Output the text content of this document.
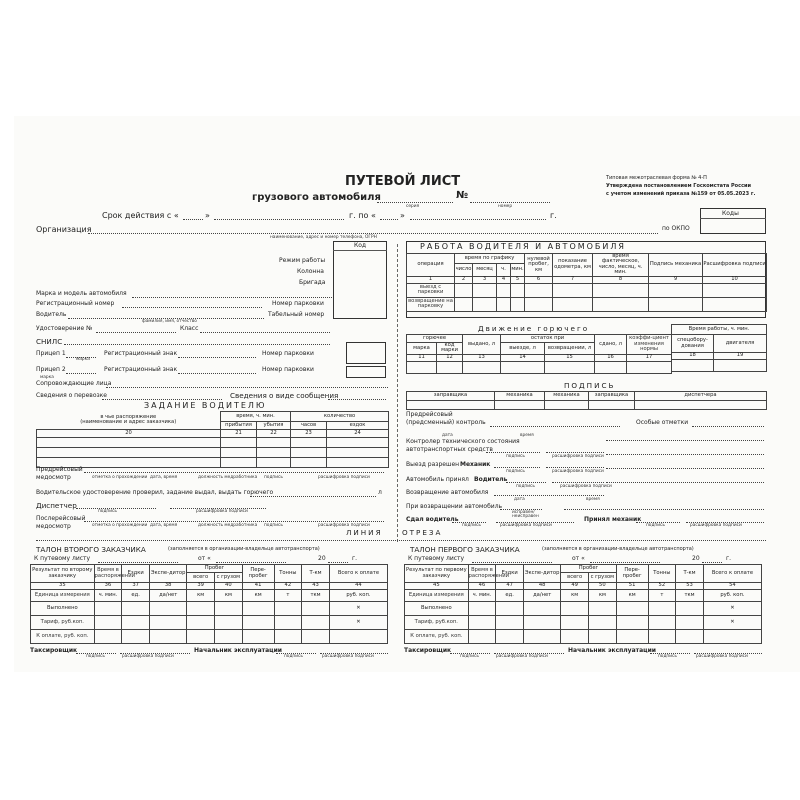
ПУТЕВОЙ ЛИСТ
грузового автомобиля	№
серия	номер
Срок действия с «	»	г. по «	»	г.
Типовая межотраслевая форма № 4-П
Утверждена постановлением Госкомстата России
с учетом изменений приказа №159 от 05.05.2023 г.
Коды
Организация
наименование, адрес и номер телефона, ОГРН
по ОКПО
Код
Режим работы
Колонна
Бригада
Марка и модель автомобиля
Регистрационный номер	Номер парковки
Водитель	Табельный номер
фамилия, имя, отчество
Удостоверение №	Класс
СНИЛС
Прицеп 1
марка
Регистрационный знак	Номер парковки
Прицеп 2
марка
Регистрационный знак	Номер парковки
Сопровождающие лица
Сведения о перевозке	Сведения о виде сообщения
ЗАДАНИЕ ВОДИТЕЛЮ
в чье распоряжение
(наименование и адрес заказчика)	время, ч. мин.		количество	
	прибытия	убытия	часов	ездок
20	21	22	23	24

Предрейсовый
медосмотр	отметка о прохождении дата, время	должность медработника подпись	расшифровка подписи
Водительское удостоверение проверил, задание выдал, выдать горючего	л
Диспетчер
подпись	расшифровка подписи
Послерейсовый
медосмотр	отметка о прохождении дата, время	должность медработника подпись	расшифровка подписи
ЛИНИЯ	ОТРЕЗА
РАБОТА ВОДИТЕЛЯ И АВТОМОБИЛЯ
операция	время по графику				нулевой пробег, км	показание одометра, км	время фактическое, число, месяц, ч. мин.	Подпись механика	Расшифровка подписи
	число	месяц	ч.	мин.					
1	2	3	4	5	6	7	8	9	10
выезд с парковки									
возвращение на парковку									
Движение горючего
горючее		выдано, л	остаток при		сдано, л	коэффи-циент изменения нормы
марка	код марки		выезде, л	возвращении, л		
11	12	13	14	15	16	17

Время работы, ч. мин.	
спецобору-дования	двигателя
18	19

ПОДПИСЬ
заправщика	механика	механика	заправщика	диспетчера

Предрейсовый
(предсменный) контроль
дата	время
Особые отметки
Контролер технического состояния
автотранспортных средств
подпись	расшифровка подписи
Выезд разрешен Механик
подпись	расшифровка подписи
Автомобиль принял Водитель
подпись	расшифровка подписи
Возвращение автомобиля
дата	время
При возвращении автомобиль
исправен/ неисправен
Сдал водитель
подпись	расшифровка подписи
Принял механик
подпись	расшифровка подписи
ТАЛОН ВТОРОГО ЗАКАЗЧИКА	(заполняется в организации-владельце автотранспорта)
К путевому листу	от «	20	г.
Результат по второму заказчику	Время в распоряжении	Ездки	Экспе-дитор	Пробег		Пере-пробег	Тонны	Т-км	Всего к оплате
				всего	с грузом				
35	36	37	38	39	40	41	42	43	44
Единица измерения	ч. мин.	ед.	да/нет	км	км	км	т	ткм	руб. коп.
Выполнено									✕
Тариф, руб.коп.									✕
К оплате, руб. коп.									
Таксировщик
подпись	расшифровка подписи
Начальник эксплуатации
подпись	расшифровка подписи
ТАЛОН ПЕРВОГО ЗАКАЗЧИКА	(заполняется в организации-владельце автотранспорта)
К путевому листу	от «	20	г.
Результат по первому заказчику	Время в распоряжении	Ездки	Экспе-дитор	Пробег		Пере-пробег	Тонны	Т-км	Всего к оплате
				всего	с грузом				
45	46	47	48	49	50	51	52	53	54
Единица измерения	ч. мин.	ед.	да/нет	км	км	км	т	ткм	руб. коп.
Выполнено									✕
Тариф, руб.коп.									✕
К оплате, руб. коп.									
Таксировщик
подпись	расшифровка подписи
Начальник эксплуатации
подпись	расшифровка подписи
